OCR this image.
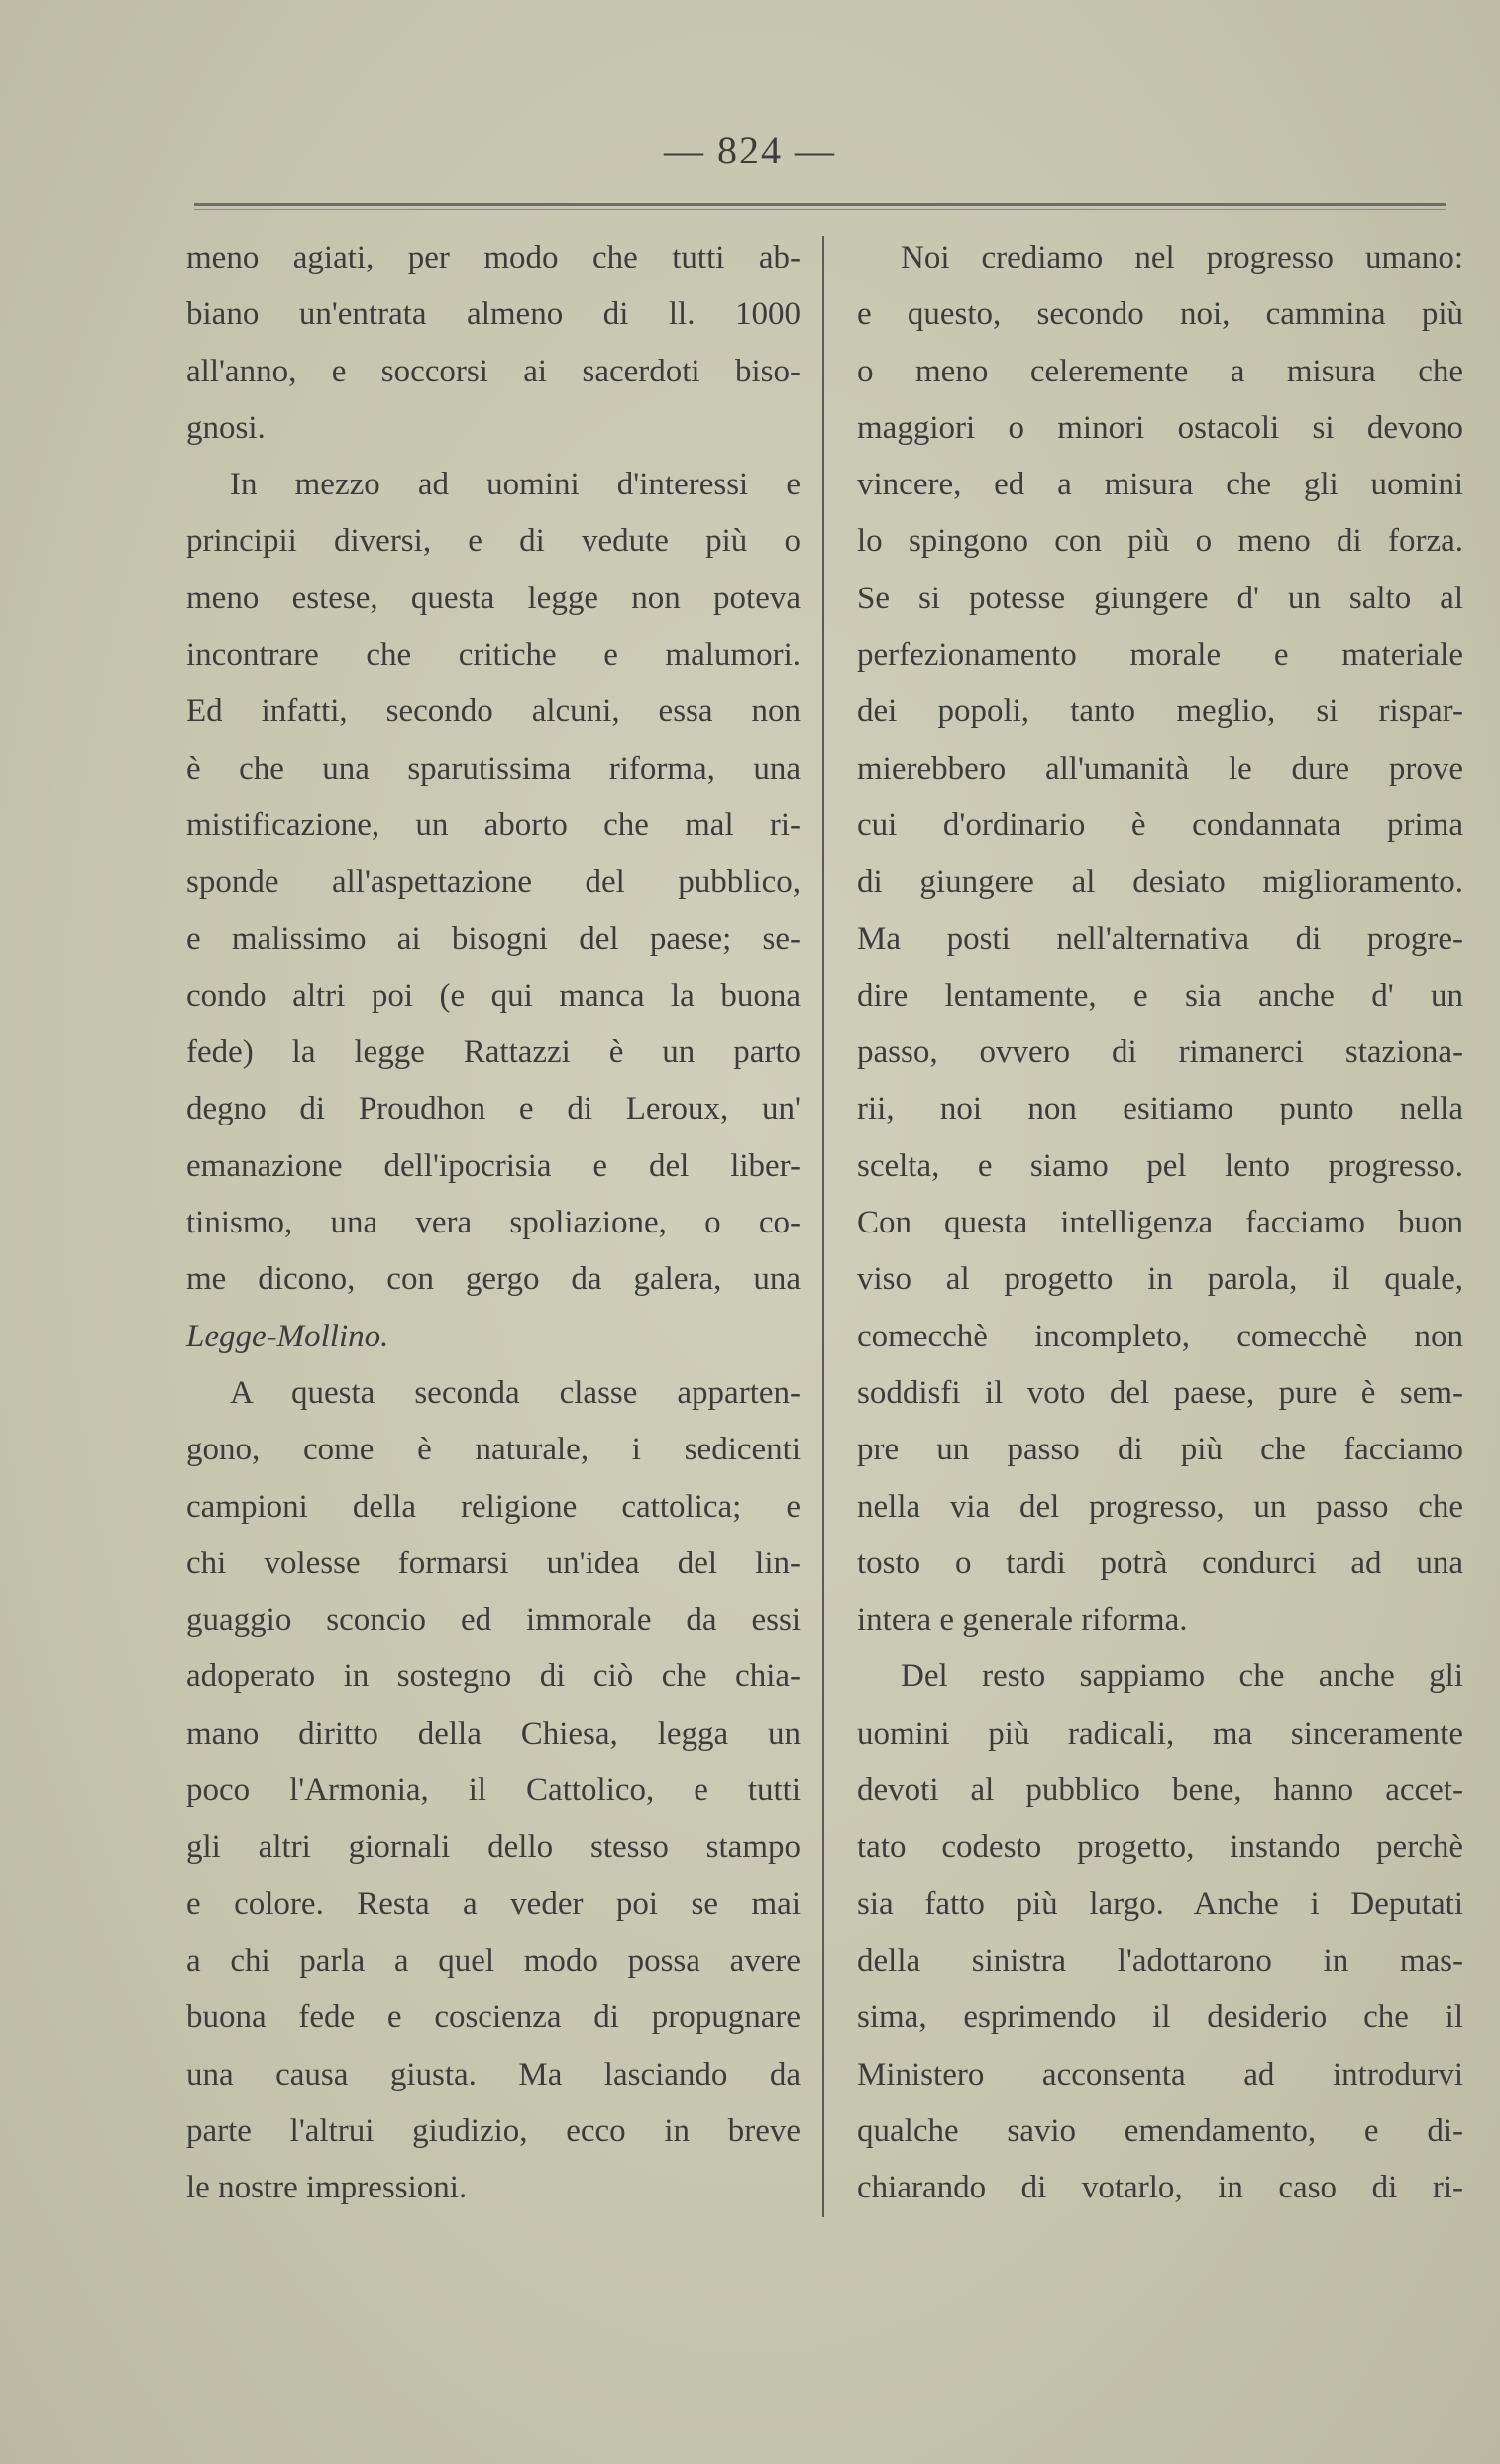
— 824 —
meno agiati, per modo che tutti ab-
biano un'entrata almeno di ll. 1000
all'anno, e soccorsi ai sacerdoti biso-
gnosi.
In mezzo ad uomini d'interessi e
principii diversi, e di vedute più o
meno estese, questa legge non poteva
incontrare che critiche e malumori.
Ed infatti, secondo alcuni, essa non
è che una sparutissima riforma, una
mistificazione, un aborto che mal ri-
sponde all'aspettazione del pubblico,
e malissimo ai bisogni del paese; se-
condo altri poi (e qui manca la buona
fede) la legge Rattazzi è un parto
degno di Proudhon e di Leroux, un'
emanazione dell'ipocrisia e del liber-
tinismo, una vera spoliazione, o co-
me dicono, con gergo da galera, una
Legge-Mollino.
A questa seconda classe apparten-
gono, come è naturale, i sedicenti
campioni della religione cattolica; e
chi volesse formarsi un'idea del lin-
guaggio sconcio ed immorale da essi
adoperato in sostegno di ciò che chia-
mano diritto della Chiesa, legga un
poco l'Armonia, il Cattolico, e tutti
gli altri giornali dello stesso stampo
e colore. Resta a veder poi se mai
a chi parla a quel modo possa avere
buona fede e coscienza di propugnare
una causa giusta. Ma lasciando da
parte l'altrui giudizio, ecco in breve
le nostre impressioni.
Noi crediamo nel progresso umano:
e questo, secondo noi, cammina più
o meno celeremente a misura che
maggiori o minori ostacoli si devono
vincere, ed a misura che gli uomini
lo spingono con più o meno di forza.
Se si potesse giungere d' un salto al
perfezionamento morale e materiale
dei popoli, tanto meglio, si rispar-
mierebbero all'umanità le dure prove
cui d'ordinario è condannata prima
di giungere al desiato miglioramento.
Ma posti nell'alternativa di progre-
dire lentamente, e sia anche d' un
passo, ovvero di rimanerci staziona-
rii, noi non esitiamo punto nella
scelta, e siamo pel lento progresso.
Con questa intelligenza facciamo buon
viso al progetto in parola, il quale,
comecchè incompleto, comecchè non
soddisfi il voto del paese, pure è sem-
pre un passo di più che facciamo
nella via del progresso, un passo che
tosto o tardi potrà condurci ad una
intera e generale riforma.
Del resto sappiamo che anche gli
uomini più radicali, ma sinceramente
devoti al pubblico bene, hanno accet-
tato codesto progetto, instando perchè
sia fatto più largo. Anche i Deputati
della sinistra l'adottarono in mas-
sima, esprimendo il desiderio che il
Ministero acconsenta ad introdurvi
qualche savio emendamento, e di-
chiarando di votarlo, in caso di ri-
